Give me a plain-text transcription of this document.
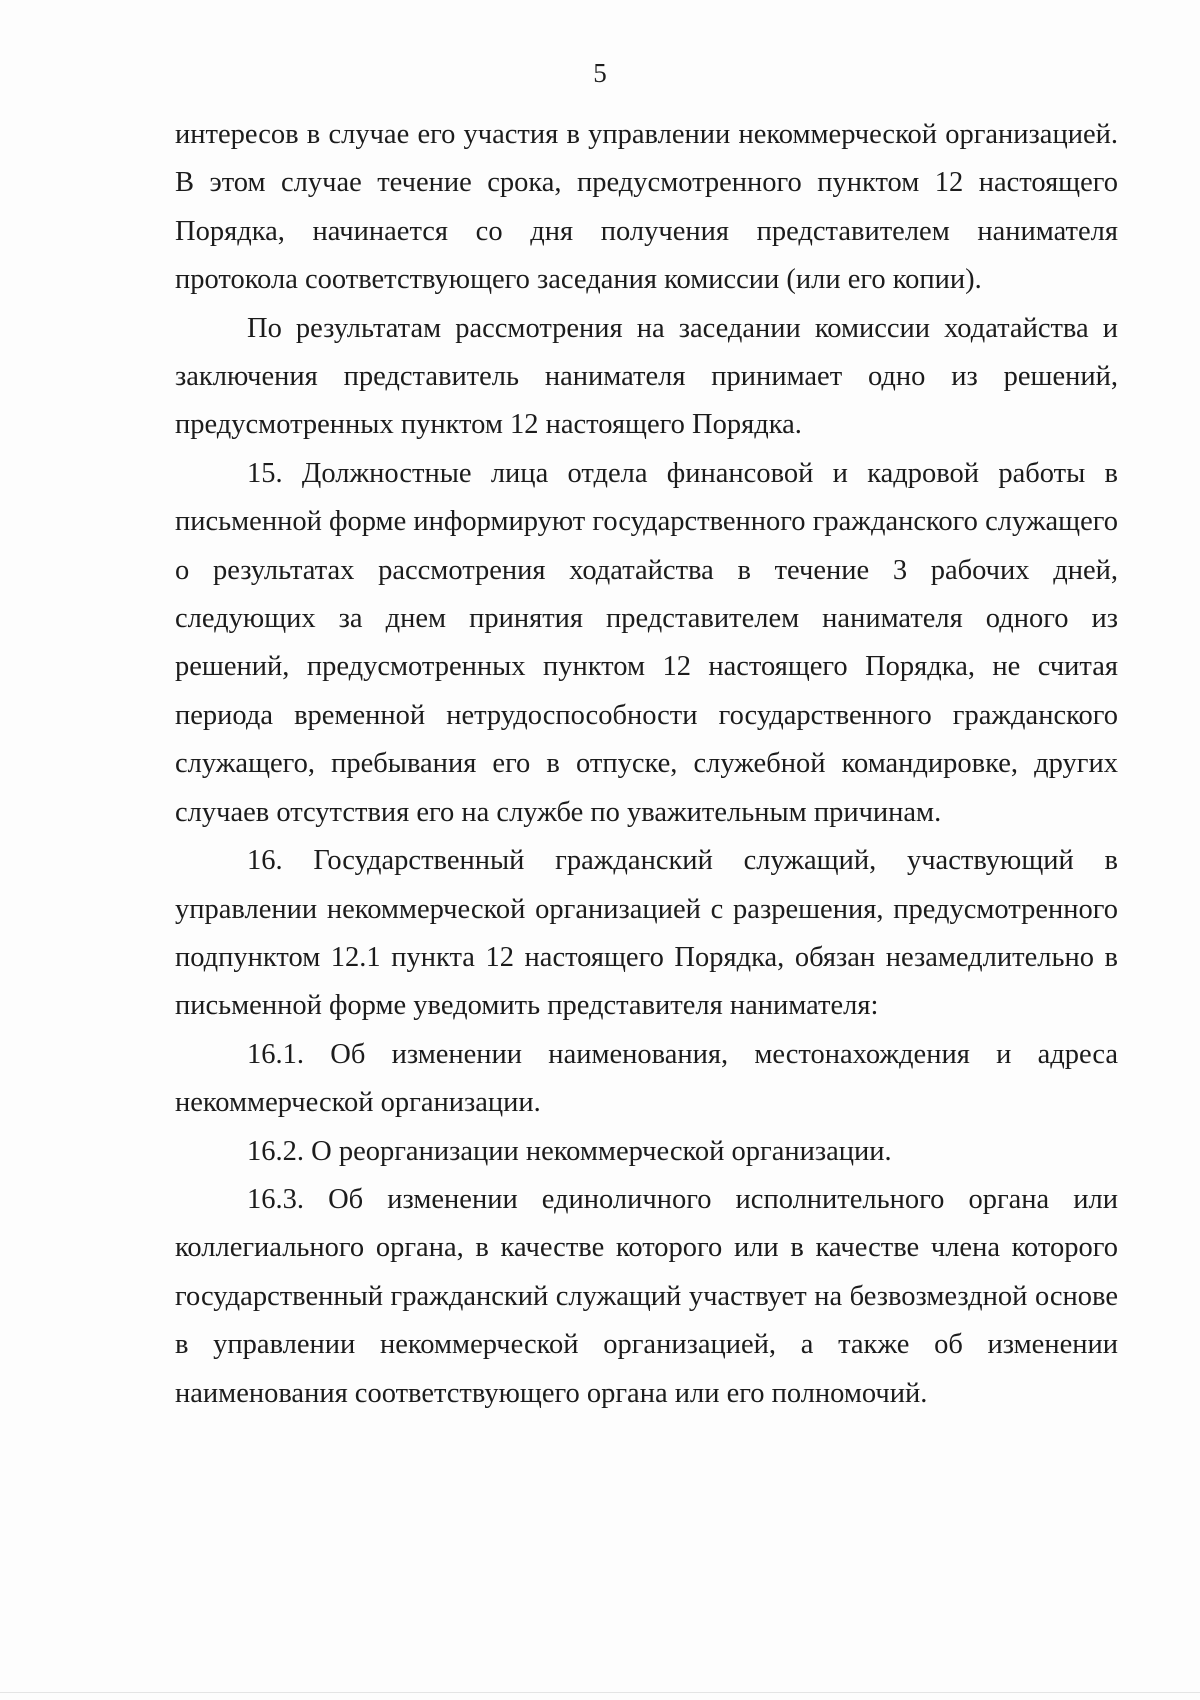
5

интересов в случае его участия в управлении некоммерческой организацией. В этом случае течение срока, предусмотренного пунктом 12 настоящего Порядка, начинается со дня получения представителем нанимателя протокола соответствующего заседания комиссии (или его копии).

По результатам рассмотрения на заседании комиссии ходатайства и заключения представитель нанимателя принимает одно из решений, предусмотренных пунктом 12 настоящего Порядка.

15. Должностные лица отдела финансовой и кадровой работы в письменной форме информируют государственного гражданского служащего о результатах рассмотрения ходатайства в течение 3 рабочих дней, следующих за днем принятия представителем нанимателя одного из решений, предусмотренных пунктом 12 настоящего Порядка, не считая периода временной нетрудоспособности государственного гражданского служащего, пребывания его в отпуске, служебной командировке, других случаев отсутствия его на службе по уважительным причинам.

16. Государственный гражданский служащий, участвующий в управлении некоммерческой организацией с разрешения, предусмотренного подпунктом 12.1 пункта 12 настоящего Порядка, обязан незамедлительно в письменной форме уведомить представителя нанимателя:

16.1. Об изменении наименования, местонахождения и адреса некоммерческой организации.

16.2. О реорганизации некоммерческой организации.

16.3. Об изменении единоличного исполнительного органа или коллегиального органа, в качестве которого или в качестве члена которого государственный гражданский служащий участвует на безвозмездной основе в управлении некоммерческой организацией, а также об изменении наименования соответствующего органа или его полномочий.
